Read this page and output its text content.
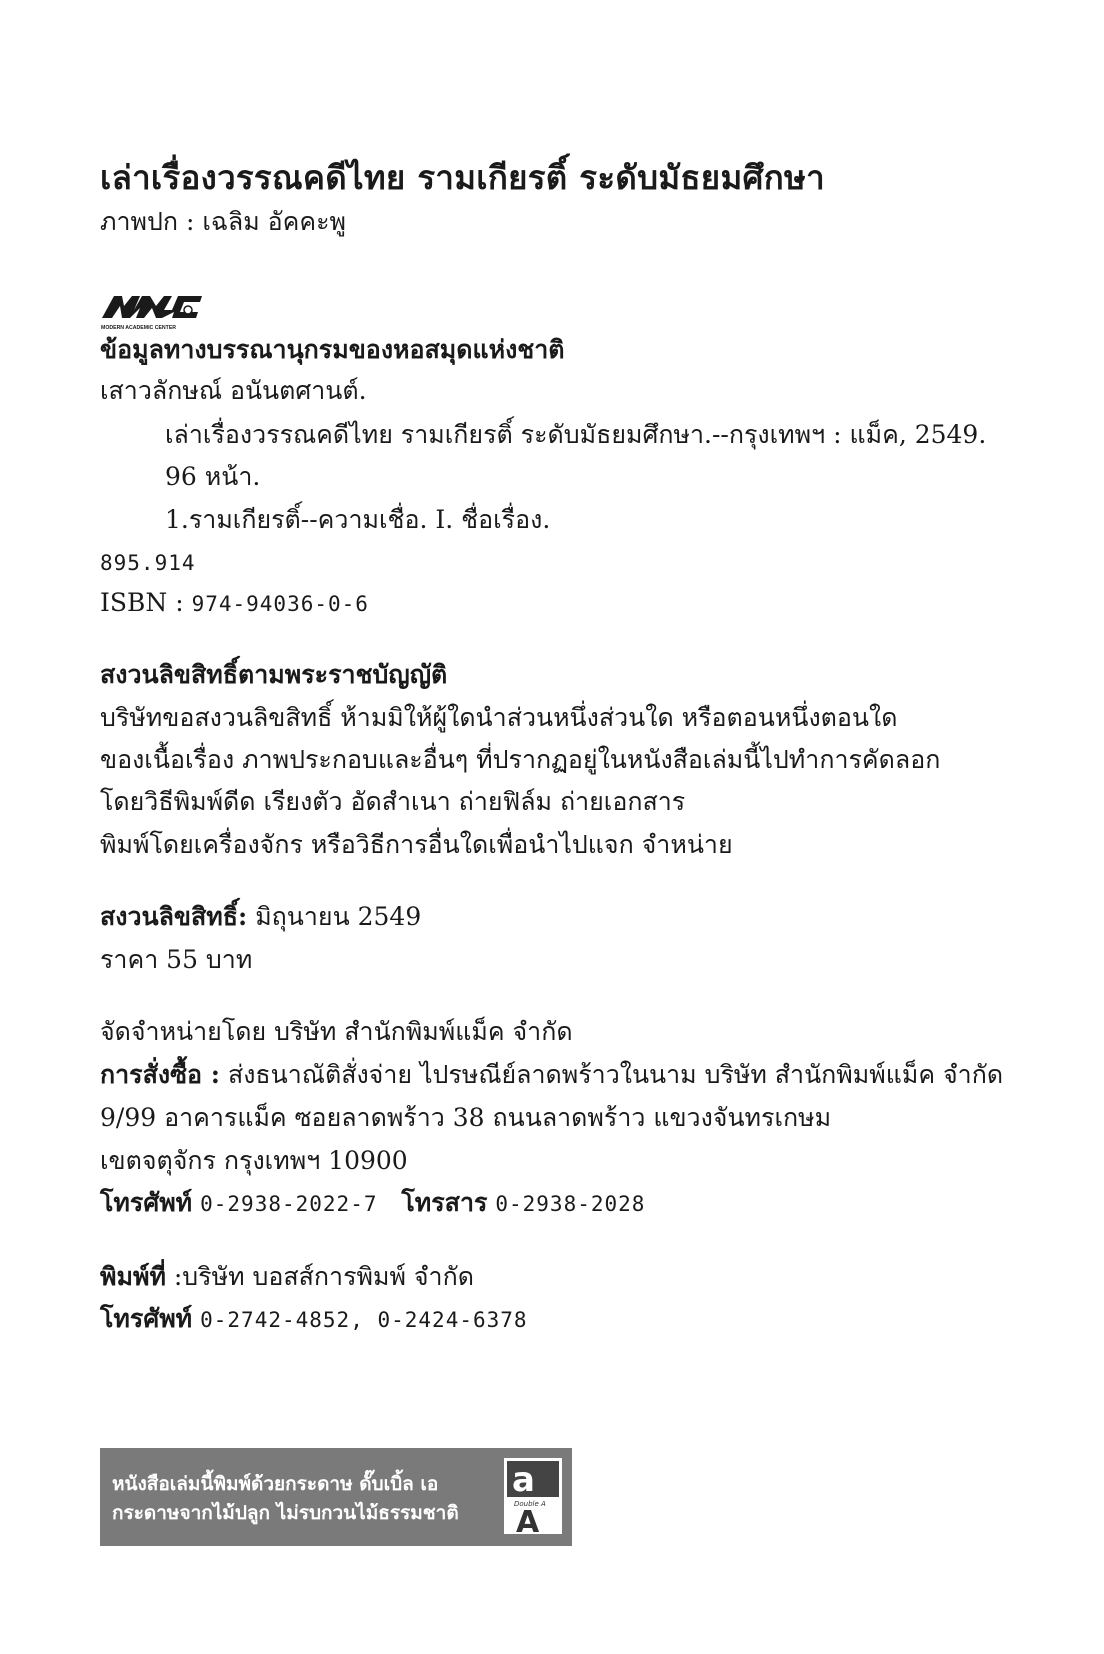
เล่าเรื่องวรรณคดีไทย รามเกียรติ์ ระดับมัธยมศึกษา
ภาพปก : เฉลิม อัคคะพู
MODERN ACADEMIC CENTER
ข้อมูลทางบรรณานุกรมของหอสมุดแห่งชาติ
เสาวลักษณ์ อนันตศานต์.
เล่าเรื่องวรรณคดีไทย รามเกียรติ์ ระดับมัธยมศึกษา.--กรุงเทพฯ : แม็ค, 2549.
96 หน้า.
1.รามเกียรติ์--ความเชื่อ. I. ชื่อเรื่อง.
895.914
ISBN : 974-94036-0-6
สงวนลิขสิทธิ์ตามพระราชบัญญัติ
บริษัทขอสงวนลิขสิทธิ์ ห้ามมิให้ผู้ใดนำส่วนหนึ่งส่วนใด หรือตอนหนึ่งตอนใด
ของเนื้อเรื่อง ภาพประกอบและอื่นๆ ที่ปรากฏอยู่ในหนังสือเล่มนี้ไปทำการคัดลอก
โดยวิธีพิมพ์ดีด เรียงตัว อัดสำเนา ถ่ายฟิล์ม ถ่ายเอกสาร
พิมพ์โดยเครื่องจักร หรือวิธีการอื่นใดเพื่อนำไปแจก จำหน่าย
สงวนลิขสิทธิ์: มิถุนายน 2549
ราคา 55 บาท
จัดจำหน่ายโดย บริษัท สำนักพิมพ์แม็ค จำกัด
การสั่งซื้อ : ส่งธนาณัติสั่งจ่าย ไปรษณีย์ลาดพร้าวในนาม บริษัท สำนักพิมพ์แม็ค จำกัด
9/99 อาคารแม็ค ซอยลาดพร้าว 38 ถนนลาดพร้าว แขวงจันทรเกษม
เขตจตุจักร กรุงเทพฯ 10900
โทรศัพท์ 0-2938-2022-7 โทรสาร 0-2938-2028
พิมพ์ที่ :บริษัท บอสส์การพิมพ์ จำกัด
โทรศัพท์ 0-2742-4852, 0-2424-6378
หนังสือเล่มนี้พิมพ์ด้วยกระดาษ ดั๊บเบิ้ล เอ
กระดาษจากไม้ปลูก ไม่รบกวนไม้ธรรมชาติ
a
Double A
A
